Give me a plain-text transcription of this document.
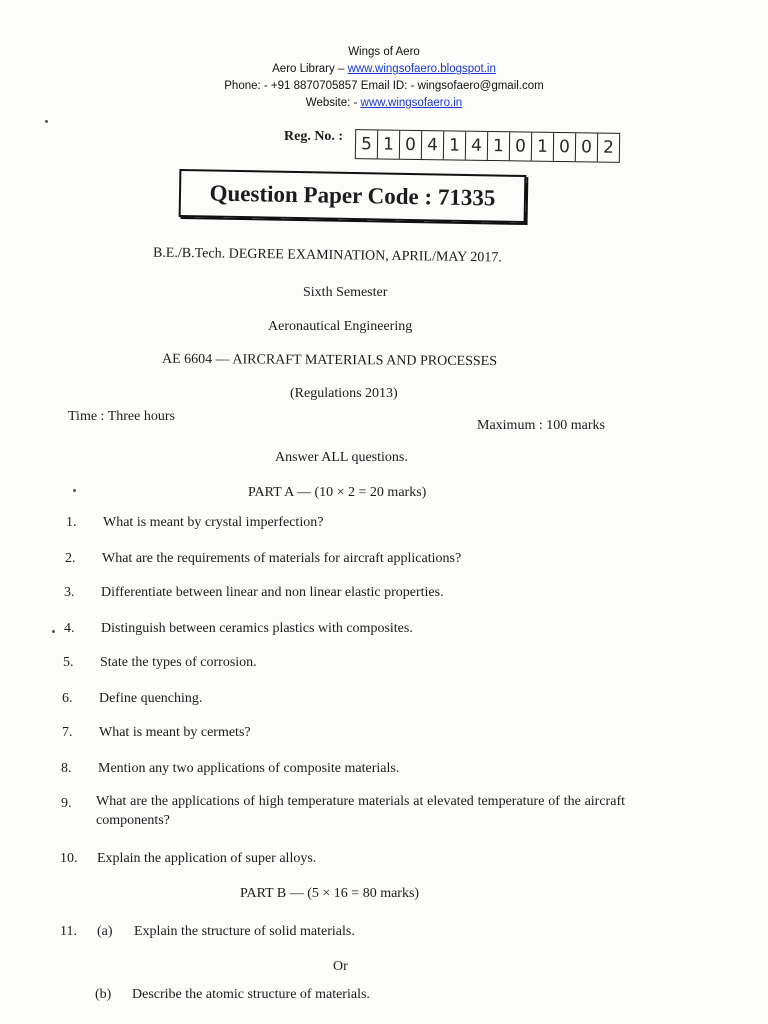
Wings of Aero
Aero Library – www.wingsofaero.blogspot.in
Phone: - +91 8870705857 Email ID: - wingsofaero@gmail.com
Website: - www.wingsofaero.in
Reg. No. :	5 1 0 4 1 4 1 0 1 0 0 2
Question Paper Code : 71335
B.E./B.Tech. DEGREE EXAMINATION, APRIL/MAY 2017.
Sixth Semester
Aeronautical Engineering
AE 6604 — AIRCRAFT MATERIALS AND PROCESSES
(Regulations 2013)
Time : Three hours
Maximum : 100 marks
Answer ALL questions.
PART A — (10 × 2 = 20 marks)
1. What is meant by crystal imperfection?
2. What are the requirements of materials for aircraft applications?
3. Differentiate between linear and non linear elastic properties.
4. Distinguish between ceramics plastics with composites.
5. State the types of corrosion.
6. Define quenching.
7. What is meant by cermets?
8. Mention any two applications of composite materials.
9. What are the applications of high temperature materials at elevated temperature of the aircraft components?
10. Explain the application of super alloys.
PART B — (5 × 16 = 80 marks)
11. (a) Explain the structure of solid materials.
Or
(b) Describe the atomic structure of materials.
